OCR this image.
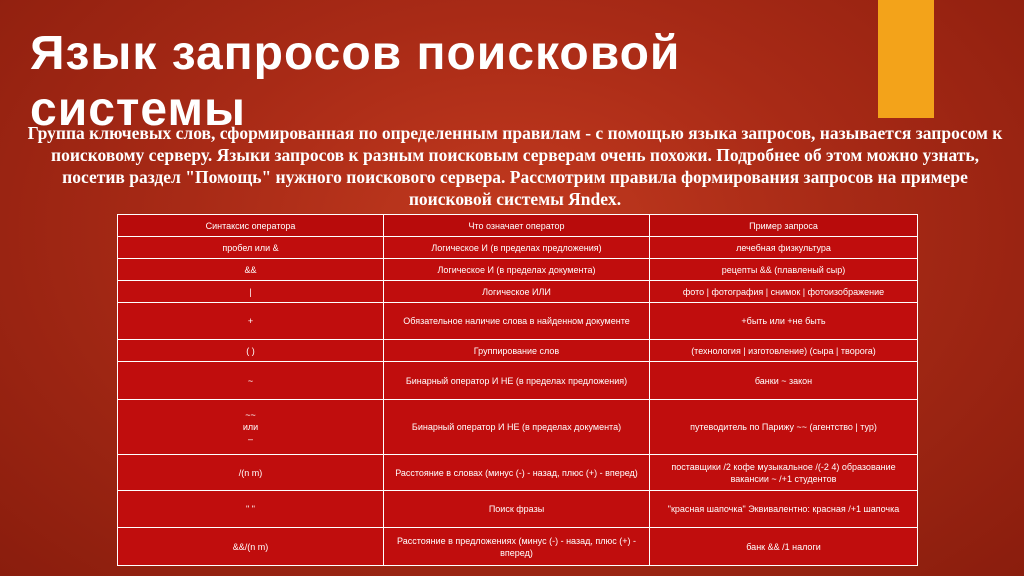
Язык запросов поисковой системы

Группа ключевых слов, сформированная по определенным правилам - с помощью языка запросов, называется запросом к поисковому серверу. Языки запросов к разным поисковым серверам очень похожи. Подробнее об этом можно узнать, посетив раздел "Помощь" нужного поискового сервера. Рассмотрим правила формирования запросов на примере поисковой системы Яndex.

Синтаксис оператора	Что означает оператор	Пример запроса
пробел или &	Логическое И (в пределах предложения)	лечебная физкультура
&&	Логическое И (в пределах документа)	рецепты && (плавленый сыр)
|	Логическое ИЛИ	фото | фотография | снимок | фотоизображение
+	Обязательное наличие слова в найденном документе	+быть или +не быть
( )	Группирование слов	(технология | изготовление) (сыра | творога)
~	Бинарный оператор И НЕ (в пределах предложения)	банки ~ закон

~~
или
–	Бинарный оператор И НЕ (в пределах документа)	путеводитель по Парижу ~~ (агентство | тур)
/(n m)	Расстояние в словах (минус (-) - назад, плюс (+) - вперед)	поставщики /2 кофе музыкальное /(-2 4) образование вакансии ~ /+1 студентов
" "	Поиск фразы	"красная шапочка" Эквивалентно: красная /+1 шапочка
&&/(n m)	Расстояние в предложениях (минус (-) - назад, плюс (+) - вперед)	банк && /1 налоги
